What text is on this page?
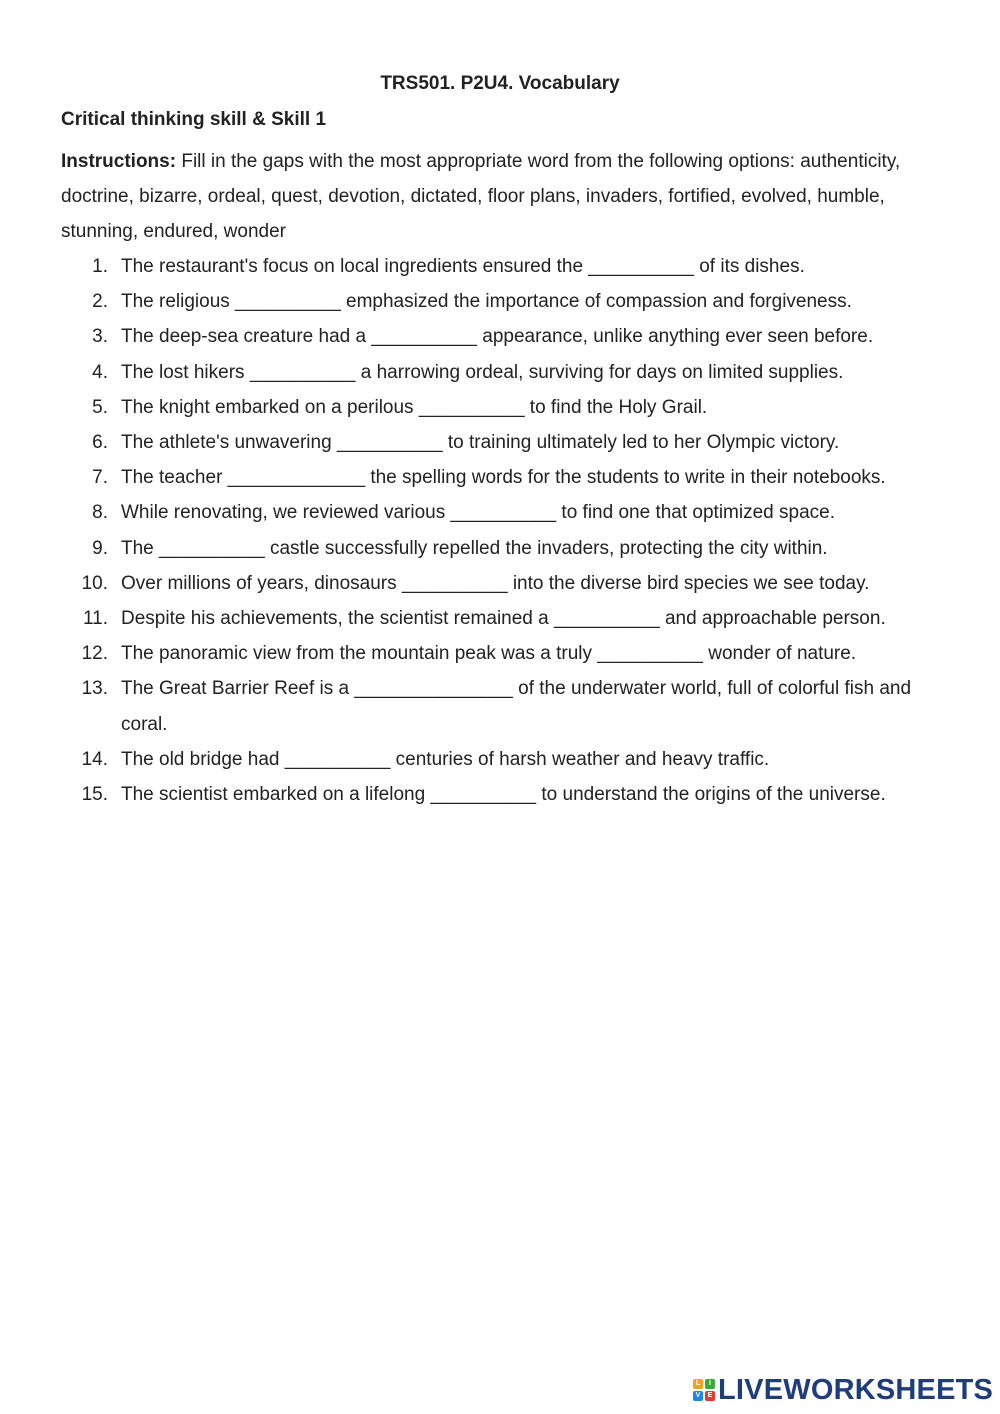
TRS501. P2U4. Vocabulary
Critical thinking skill & Skill 1
Instructions: Fill in the gaps with the most appropriate word from the following options: authenticity, doctrine, bizarre, ordeal, quest, devotion, dictated, floor plans, invaders, fortified, evolved, humble, stunning, endured, wonder
1. The restaurant's focus on local ingredients ensured the __________ of its dishes.
2. The religious __________ emphasized the importance of compassion and forgiveness.
3. The deep-sea creature had a __________ appearance, unlike anything ever seen before.
4. The lost hikers __________ a harrowing ordeal, surviving for days on limited supplies.
5. The knight embarked on a perilous __________ to find the Holy Grail.
6. The athlete's unwavering __________ to training ultimately led to her Olympic victory.
7. The teacher _____________ the spelling words for the students to write in their notebooks.
8. While renovating, we reviewed various __________ to find one that optimized space.
9. The __________ castle successfully repelled the invaders, protecting the city within.
10. Over millions of years, dinosaurs __________ into the diverse bird species we see today.
11. Despite his achievements, the scientist remained a __________ and approachable person.
12. The panoramic view from the mountain peak was a truly __________ wonder of nature.
13. The Great Barrier Reef is a _______________ of the underwater world, full of colorful fish and coral.
14. The old bridge had __________ centuries of harsh weather and heavy traffic.
15. The scientist embarked on a lifelong __________ to understand the origins of the universe.
L	I
V	E LIVEWORKSHEETS
